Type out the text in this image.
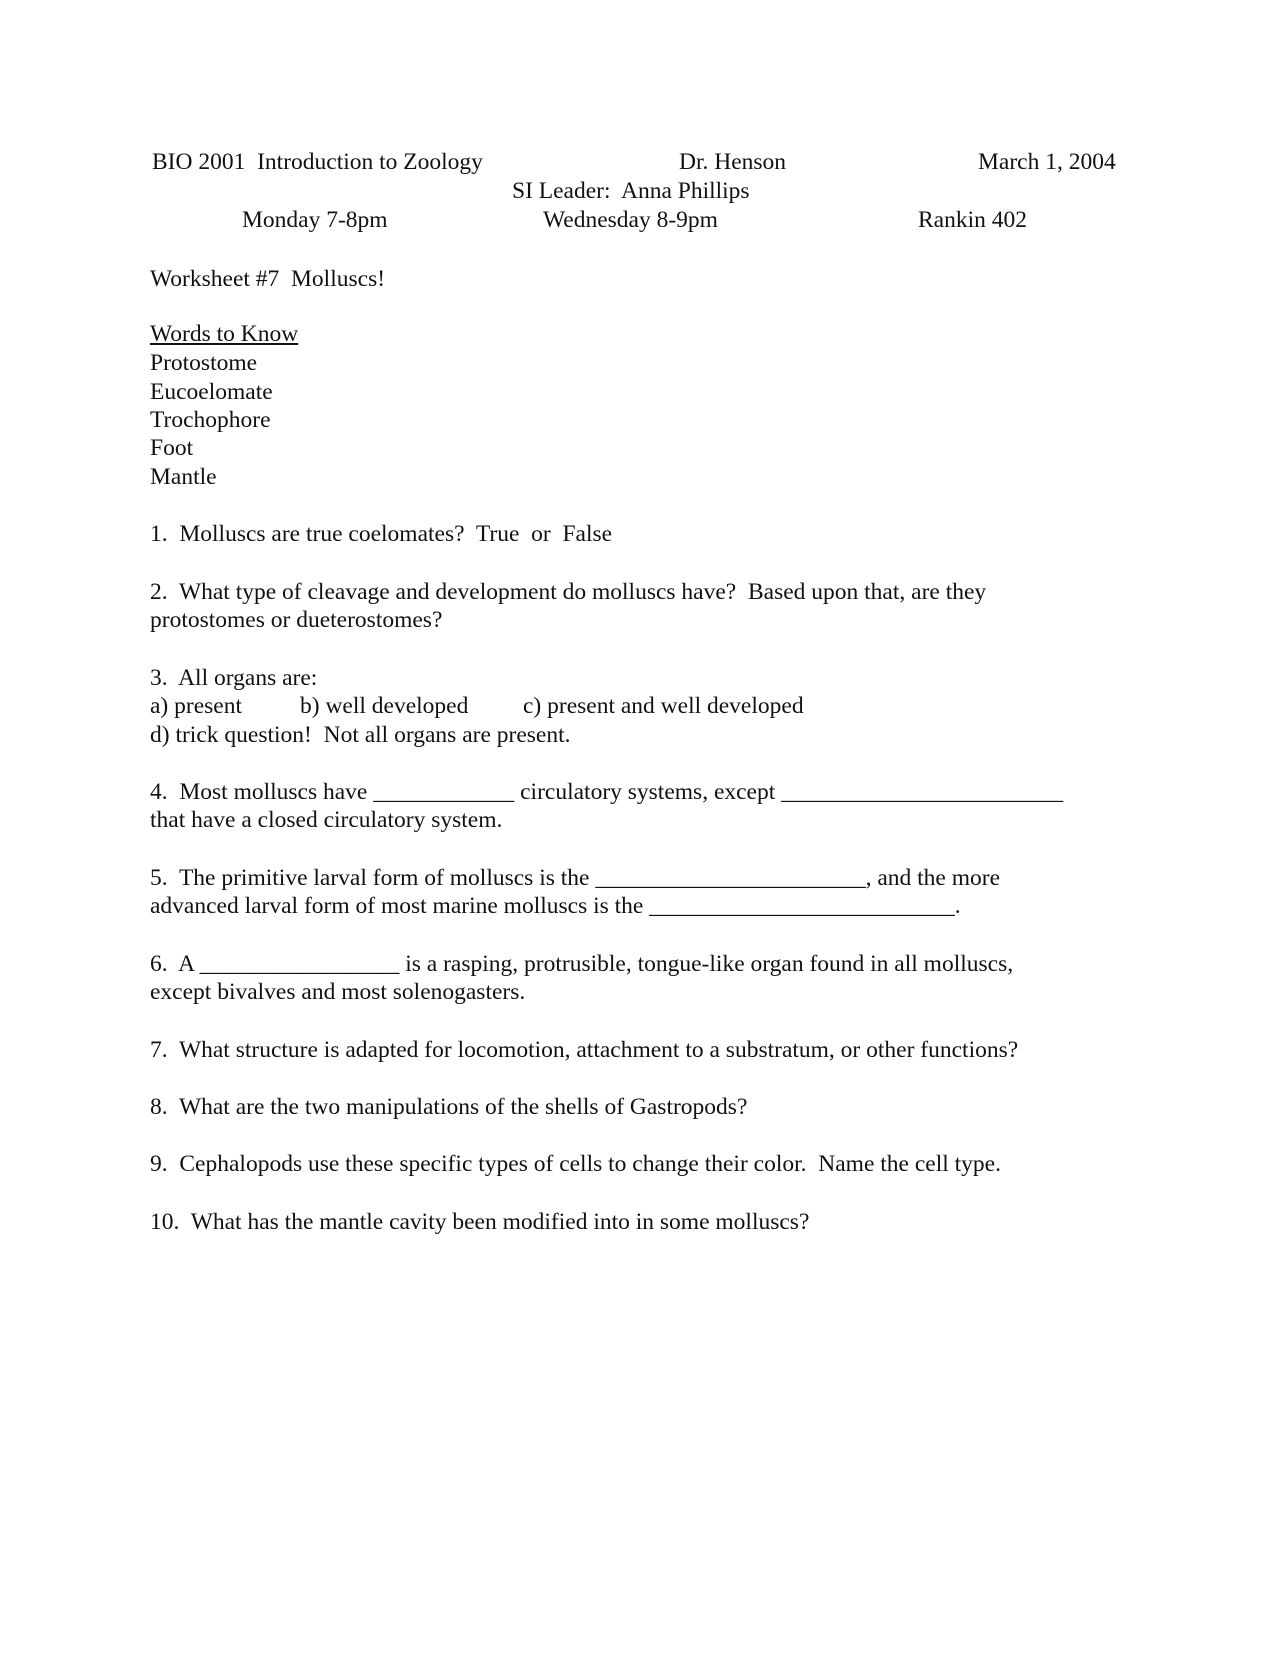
BIO 2001  Introduction to Zoology	Dr. Henson	March 1, 2004
SI Leader:  Anna Phillips
Monday 7-8pm	Wednesday 8-9pm	Rankin 402
Worksheet #7  Molluscs!
Words to Know
Protostome
Eucoelomate
Trochophore
Foot
Mantle
1.  Molluscs are true coelomates?  True  or  False
2.  What type of cleavage and development do molluscs have?  Based upon that, are they
protostomes or dueterostomes?
3.  All organs are:
a) present b) well developed c) present and well developed
d) trick question!  Not all organs are present.
4.  Most molluscs have ____________ circulatory systems, except ________________________
that have a closed circulatory system.
5.  The primitive larval form of molluscs is the _______________________, and the more
advanced larval form of most marine molluscs is the __________________________.
6.  A _________________ is a rasping, protrusible, tongue-like organ found in all molluscs,
except bivalves and most solenogasters.
7.  What structure is adapted for locomotion, attachment to a substratum, or other functions?
8.  What are the two manipulations of the shells of Gastropods?
9.  Cephalopods use these specific types of cells to change their color.  Name the cell type.
10.  What has the mantle cavity been modified into in some molluscs?
